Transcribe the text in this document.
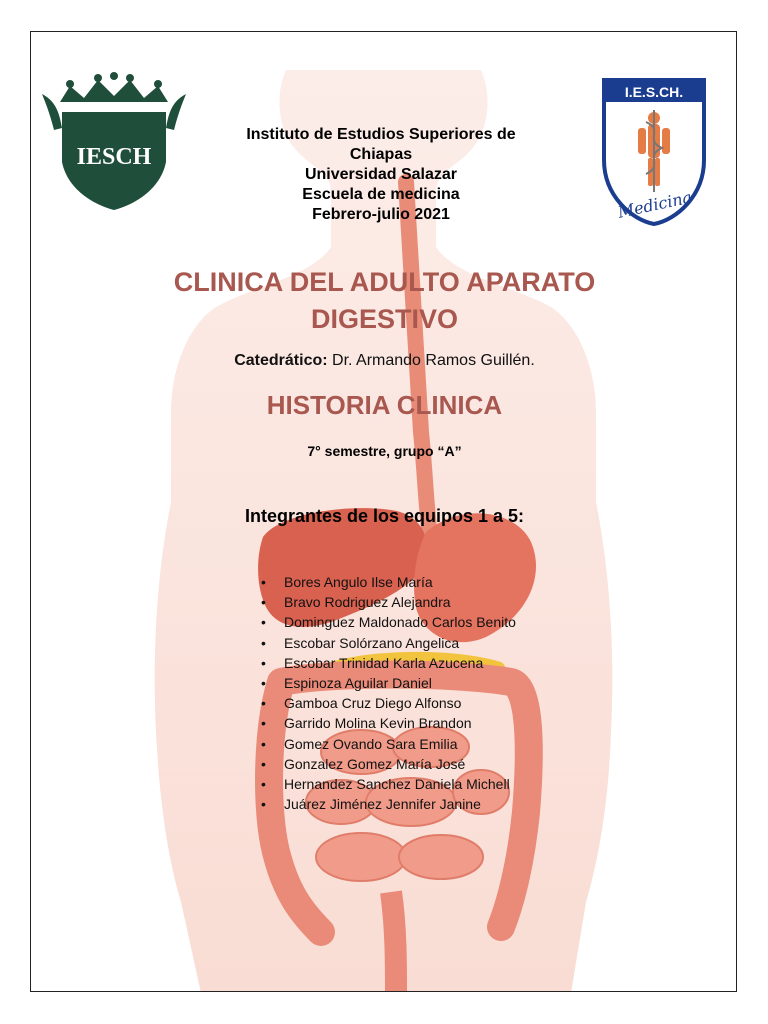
IESCH
I.E.S.CH.
Medicina
Instituto de Estudios Superiores de
Chiapas
Universidad Salazar
Escuela de medicina
Febrero-julio 2021
CLINICA DEL ADULTO APARATO
DIGESTIVO
Catedrático: Dr. Armando Ramos Guillén.
HISTORIA CLINICA
7° semestre, grupo “A”
Integrantes de los equipos 1 a 5:
• Bores Angulo Ilse María
• Bravo Rodriguez Alejandra
• Dominguez Maldonado Carlos Benito
• Escobar Solórzano Angelica
• Escobar Trinidad Karla Azucena
• Espinoza Aguilar Daniel
• Gamboa Cruz Diego Alfonso
• Garrido Molina Kevin Brandon
• Gomez Ovando Sara Emilia
• Gonzalez Gomez María José
• Hernandez Sanchez Daniela Michell
• Juárez Jiménez Jennifer Janine
